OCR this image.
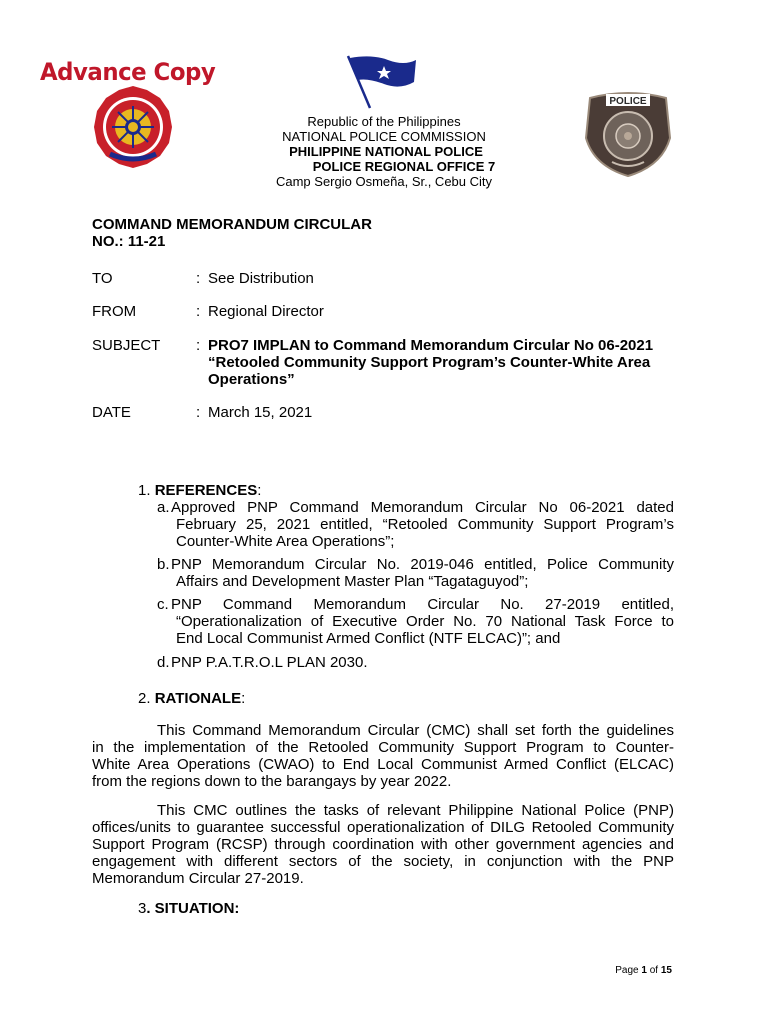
Advance Copy
Republic of the Philippines
NATIONAL POLICE COMMISSION
PHILIPPINE NATIONAL POLICE
POLICE REGIONAL OFFICE 7
Camp Sergio Osmeña, Sr., Cebu City
POLICE
COMMAND MEMORANDUM CIRCULAR
NO.: 11-21
TO	: See Distribution
FROM	: Regional Director
SUBJECT	: PRO7 IMPLAN to Command Memorandum Circular No 06-2021
“Retooled Community Support Program’s Counter-White Area
Operations”
DATE	: March 15, 2021
1. REFERENCES:
a. Approved PNP Command Memorandum Circular No 06-2021 dated
February 25, 2021 entitled, “Retooled Community Support Program’s
Counter-White Area Operations”;
b. PNP Memorandum Circular No. 2019-046 entitled, Police Community
Affairs and Development Master Plan “Tagataguyod”;
c. PNP Command Memorandum Circular No. 27-2019 entitled,
“Operationalization of Executive Order No. 70 National Task Force to
End Local Communist Armed Conflict (NTF ELCAC)”; and
d. PNP P.A.T.R.O.L PLAN 2030.
2. RATIONALE:
This Command Memorandum Circular (CMC) shall set forth the guidelines
in the implementation of the Retooled Community Support Program to Counter-
White Area Operations (CWAO) to End Local Communist Armed Conflict (ELCAC)
from the regions down to the barangays by year 2022.
This CMC outlines the tasks of relevant Philippine National Police (PNP)
offices/units to guarantee successful operationalization of DILG Retooled Community
Support Program (RCSP) through coordination with other government agencies and
engagement with different sectors of the society, in conjunction with the PNP
Memorandum Circular 27-2019.
3. SITUATION:
Page 1 of 15
